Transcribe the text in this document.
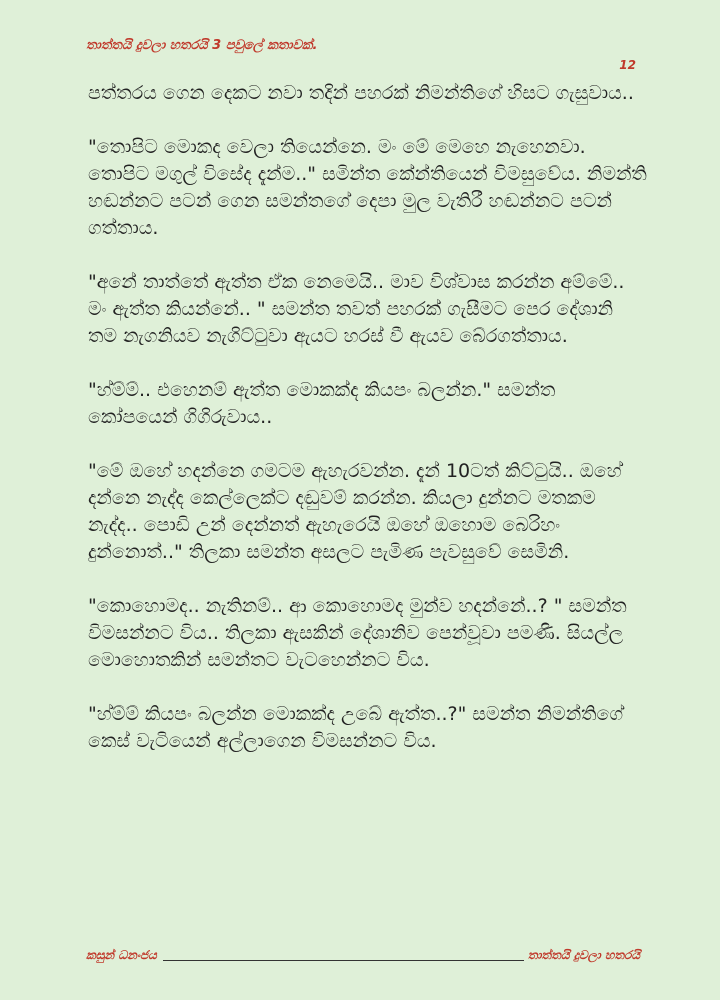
තාත්තයි දුවලා හතරයි 3 පවුලේ කතාවක්.
12

පත්තරය ගෙන දෙකට නවා තදින් පහරක් නිමන්තිගේ හිසට ගැසුවාය..

"තොපිට මොකද වෙලා තියෙන්නෙ. මං මේ මෙහෙ නැහෙනවා. තොපිට මගුල් විසේද දැන්ම.." සමින්ත කේන්තියෙන් විමසුවේය. නිමන්ති හඬන්නට පටන් ගෙන සමන්තගේ දෙපා මුල වැතිරී හඬන්නට පටන් ගත්තාය.

"අනේ තාත්තේ ඇත්ත ඒක නෙමෙයි.. මාව විශ්වාස කරන්න අම්මේ.. මං ඇත්ත කියන්නේ.. " සමන්ත තවත් පහරක් ගැසීමට පෙර දේශානි තම නැගනියව නැගිට්ටුවා ඇයට හරස් වී ඇයව බේරගත්තාය.

"හ්ම්ම්.. එහෙනම් ඇත්ත මොකක්ද කියපං බලන්න." සමන්ත කෝපයෙන් ගිගිරුවාය..

"මේ ඔහේ හදන්නෙ ගමටම ඇහැරවන්න. දැන් 10ටත් කිට්ටුයි.. ඔහේ දන්නෙ නැද්ද කෙල්ලෙක්ට දඬුවම් කරන්න. කියලා දුන්නට මතකම නැද්ද.. පොඩි උන් දෙන්නත් ඇහැරෙයි ඔහේ ඔහොම බෙරිහං දුන්නොත්.." තිලකා සමන්ත අසලට පැමිණ පැවසුවේ සෙමිනි.

"කොහොමද.. නැතිනම්.. ආ කොහොමද මුන්ව හදන්නේ..? " සමන්ත විමසන්නට විය.. තිලකා ඇසකින් දේශානිව පෙන්වූවා පමණි. සියල්ල මොහොතකින් සමන්තට වැටහෙන්නට විය.

"හ්ම්ම් කියපං බලන්න මොකක්ද උබේ ඇත්ත..?" සමන්ත නිමන්තිගේ කෙස් වැටියෙන් අල්ලාගෙන විමසන්නට විය.

කසුන් ධනංජය	තාත්තයි දුවලා හතරයි
